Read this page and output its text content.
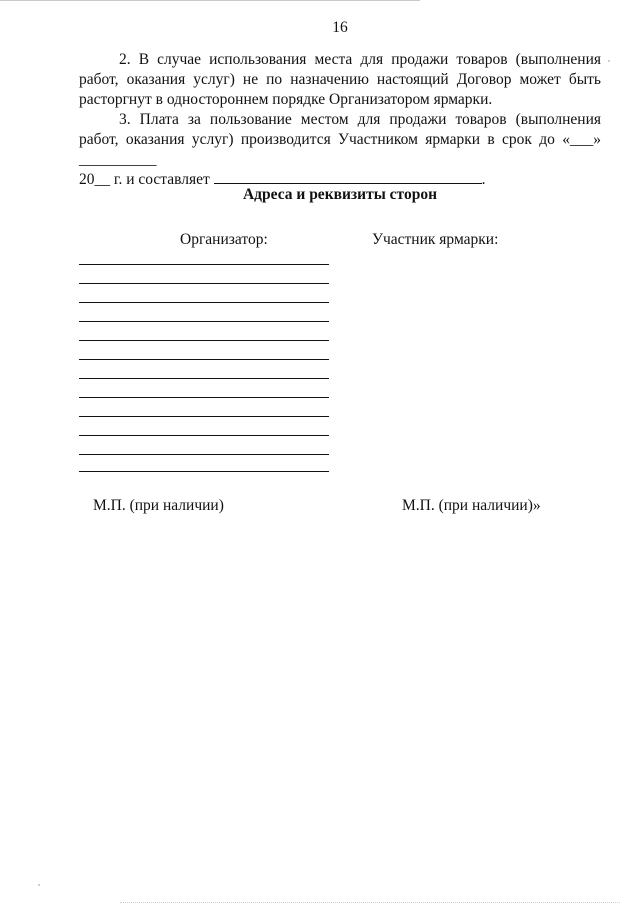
16

2. В случае использования места для продажи товаров (выполнения работ, оказания услуг) не по назначению настоящий Договор может быть расторгнут в одностороннем порядке Организатором ярмарки.

3. Плата за пользование местом для продажи товаров (выполнения работ, оказания услуг) производится Участником ярмарки в срок до «___» __________
20__ г. и составляет	.

Адреса и реквизиты сторон
Организатор:	Участник ярмарки:
М.П. (при наличии)	М.П. (при наличии)»
